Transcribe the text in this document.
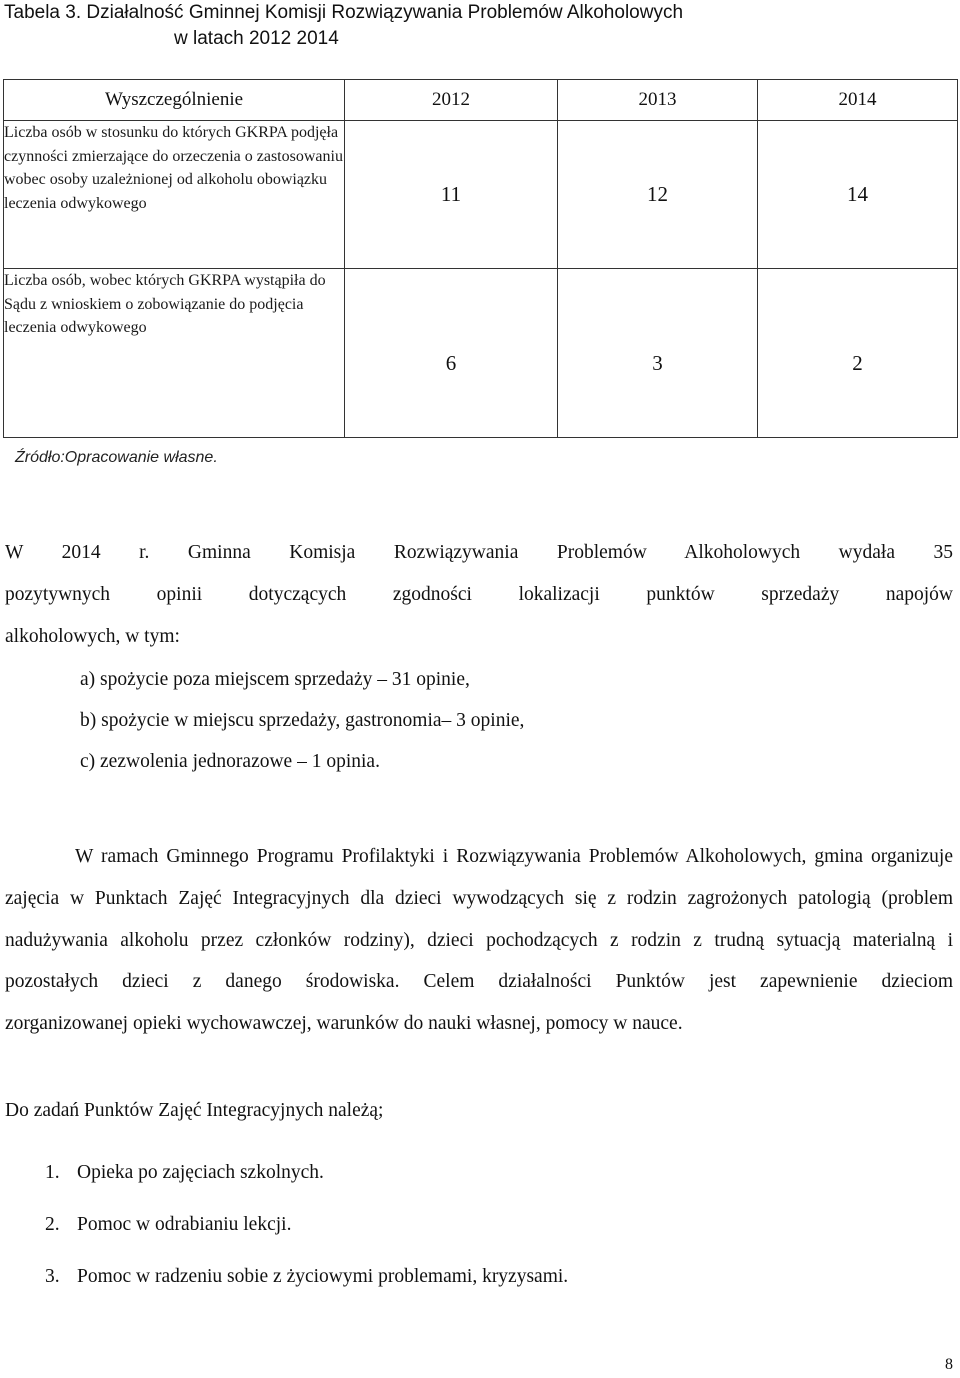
Tabela 3. Działalność Gminnej Komisji Rozwiązywania Problemów Alkoholowych
w latach 2012 2014
Wyszczególnienie	2012	2013	2014
Liczba osób w stosunku do których GKRPA podjęła czynności zmierzające do orzeczenia o zastosowaniu wobec osoby uzależnionej od alkoholu obowiązku leczenia odwykowego	11	12	14
Liczba osób, wobec których GKRPA wystąpiła do Sądu z wnioskiem o zobowiązanie do podjęcia leczenia odwykowego	6	3	2
Źródło:Opracowanie własne.
W 2014 r. Gminna Komisja Rozwiązywania Problemów Alkoholowych wydała 35
pozytywnych opinii dotyczących zgodności lokalizacji punktów sprzedaży napojów
alkoholowych, w tym:
a) spożycie poza miejscem sprzedaży – 31 opinie,
b) spożycie w miejscu sprzedaży, gastronomia– 3 opinie,
c) zezwolenia jednorazowe – 1 opinia.
W ramach Gminnego Programu Profilaktyki i Rozwiązywania Problemów Alkoholowych, gmina organizuje zajęcia w Punktach Zajęć Integracyjnych dla dzieci wywodzących się z rodzin zagrożonych patologią (problem nadużywania alkoholu przez członków rodziny), dzieci pochodzących z rodzin z trudną sytuacją materialną i pozostałych dzieci z danego środowiska. Celem działalności Punktów jest zapewnienie dzieciom
zorganizowanej opieki wychowawczej, warunków do nauki własnej, pomocy w nauce.
Do zadań Punktów Zajęć Integracyjnych należą;
1. Opieka po zajęciach szkolnych.
2. Pomoc w odrabianiu lekcji.
3. Pomoc w radzeniu sobie z życiowymi problemami, kryzysami.
8
